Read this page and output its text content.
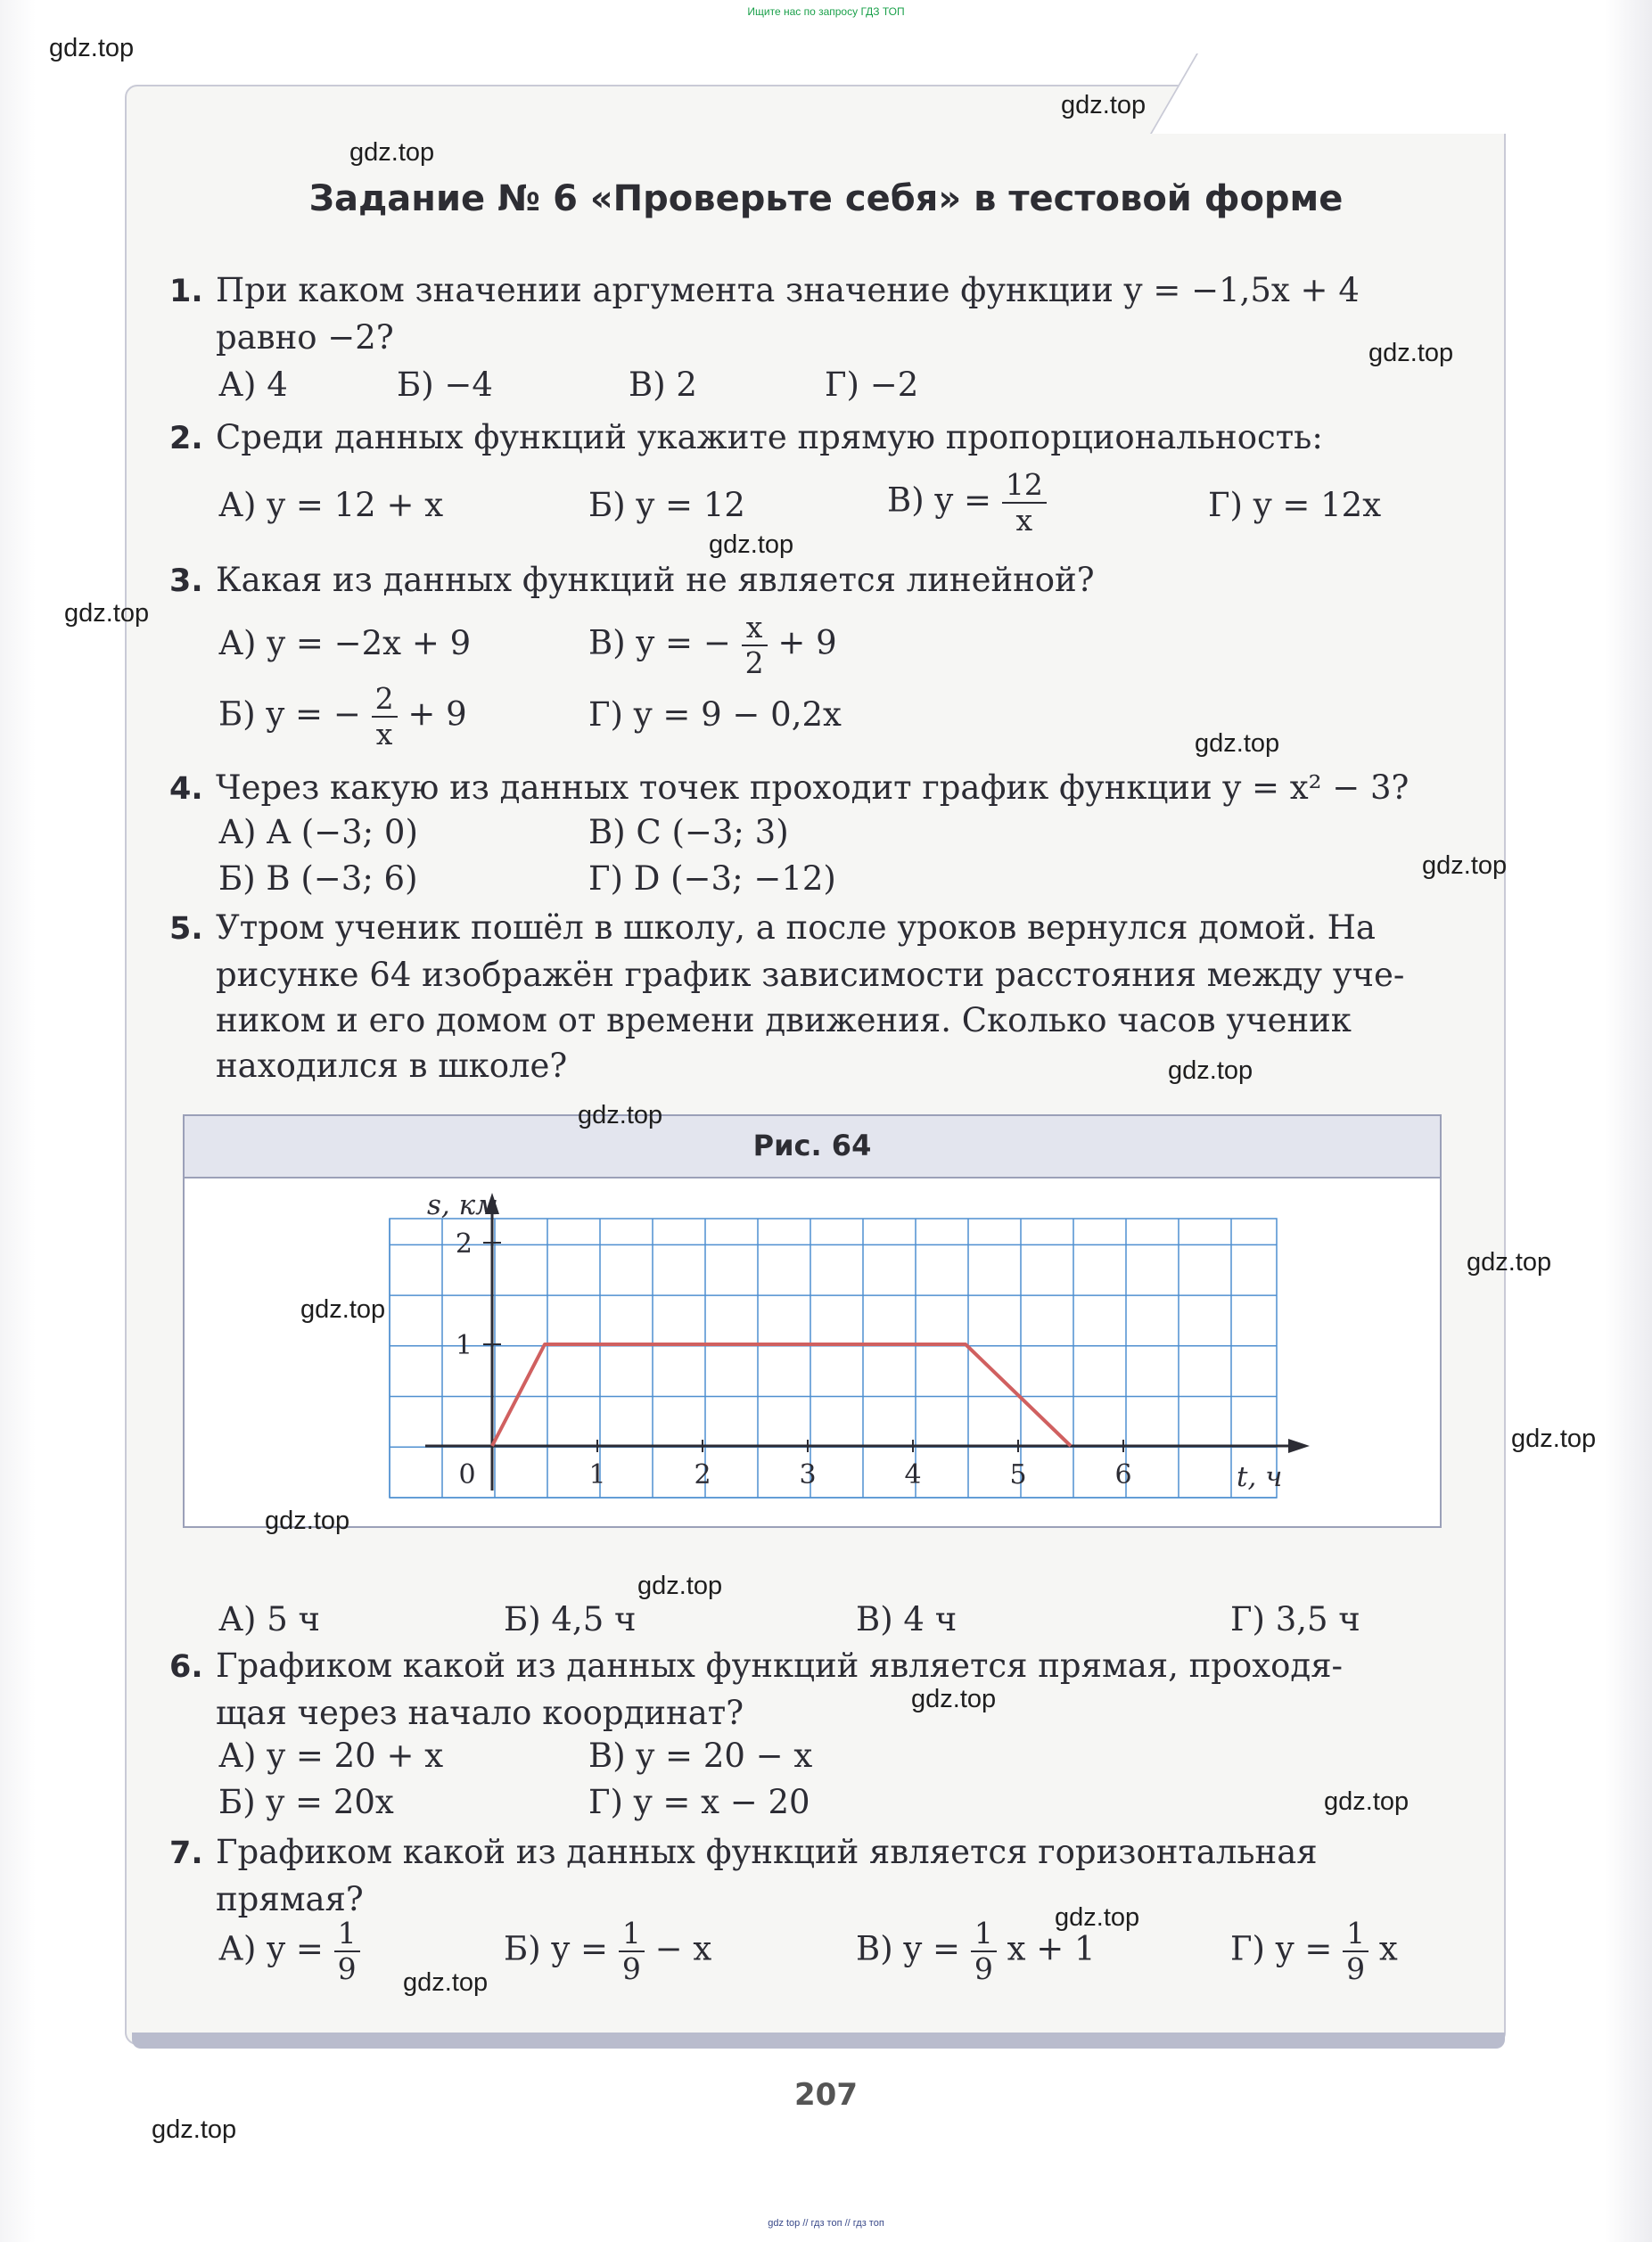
Ищите нас по запросу ГДЗ ТОП
Задание № 6 «Проверьте себя» в тестовой форме
1. При каком значении аргумента значение функции y = −1,5x + 4
равно −2?
А) 4	Б) −4	В) 2	Г) −2
2. Среди данных функций укажите прямую пропорциональность:
А) y = 12 + x	Б) y = 12	В) $y = \frac{12}{x}$	Г) y = 12x
3. Какая из данных функций не является линейной?
А) y = −2x + 9	В) y = − $\frac{x}{2} + 9$
Б) y = − $\frac{2}{x} + 9$	Г) y = 9 − 0,2x
4. Через какую из данных точек проходит график функции y = x² − 3?
А) A (−3; 0)	В) C (−3; 3)
Б) B (−3; 6)	Г) D (−3; −12)
5. Утром ученик пошёл в школу, а после уроков вернулся домой. На
рисунке 64 изображён график зависимости расстояния между уче-
ником и его домом от времени движения. Сколько часов ученик
находился в школе?
Рис. 64
1	2	3	4	5	6
1
2
0
s, км
t, ч
А) 5 ч	Б) 4,5 ч	В) 4 ч	Г) 3,5 ч
6. Графиком какой из данных функций является прямая, проходя-
щая через начало координат?
А) y = 20 + x	В) y = 20 − x
Б) y = 20x	Г) y = x − 20
7. Графиком какой из данных функций является горизонтальная
прямая?
А) $y = \frac{1}{9}$	Б) $y = \frac{1}{9} - x$	В) $y = \frac{1}{9}$ x + 1	Г) $y = \frac{1}{9}$ x
207
gdz.top
gdz.top
gdz.top
gdz.top
gdz.top
gdz.top
gdz.top
gdz.top
gdz.top
gdz.top
gdz.top
gdz.top
gdz.top
gdz.top
gdz.top
gdz.top
gdz.top
gdz.top
gdz.top
gdz.top
gdz top // гдз топ // гдз топ
